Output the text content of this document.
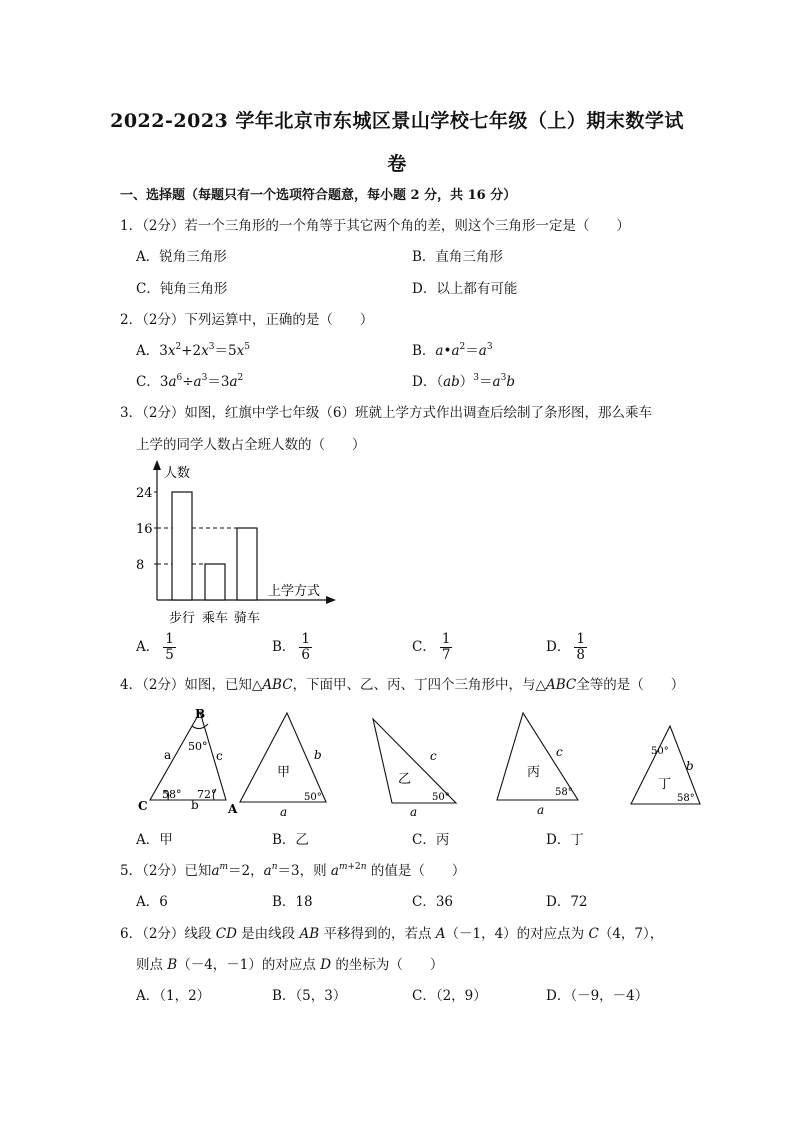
2022-2023 学年北京市东城区景山学校七年级（上）期末数学试
卷
一、选择题（每题只有一个选项符合题意，每小题 2 分，共 16 分）
1．（2分）若一个三角形的一个角等于其它两个角的差，则这个三角形一定是（　　）
A．锐角三角形	B．直角三角形
C．钝角三角形	D．以上都有可能
2．（2分）下列运算中，正确的是（　　）
A．$3x^2+2x^3=5x^5$	B．$a•a^2=a^3$
C．$3a^6\div a^3=3a^2$	D．$(ab)^3=a^3b$
3．（2分）如图，红旗中学七年级（6）班就上学方式作出调查后绘制了条形图，那么乘车
上学的同学人数占全班人数的（　　）
人数
上学方式
8
16
24
步行 乘车 骑车
A． $\frac{1}{5}$	B． $\frac{1}{6}$	C． $\frac{1}{7}$	D． $\frac{1}{8}$
4．（2分）如图，已知△ABC，下面甲、乙、丙、丁四个三角形中，与△ABC全等的是（　　）
B
C	A
a	c
b
50°
58° 72°
甲
b
a
50°
乙
c
a
50°
丙
c
a
58°
丁
b
50°
58°
A．甲	B．乙	C．丙	D．丁
5．（2分）已知$a^m=2$，$a^n=3$，则 $a^{m+2n}$ 的值是（　　）
A．6	B．18	C．36	D．72
6．（2分）线段 CD 是由线段 AB 平移得到的，若点 A（－1，4）的对应点为 C（4，7），
则点 B（－4，－1）的对应点 D 的坐标为（　　）
A．（1，2）	B．（5，3）	C．（2，9）	D．（－9，－4）
